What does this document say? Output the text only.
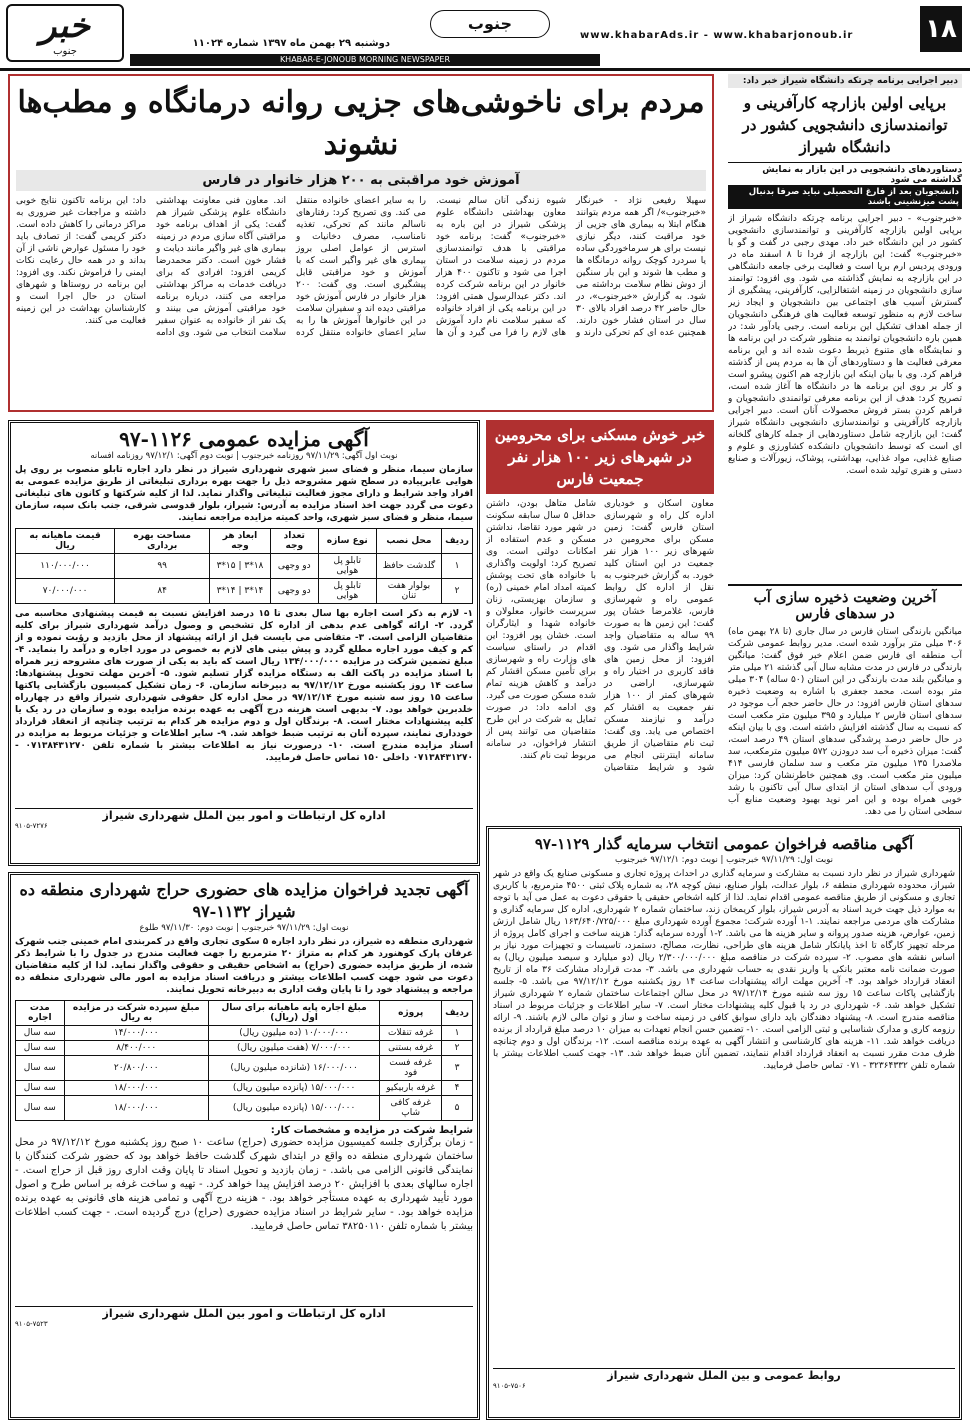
۱۸
جنوب
www.khabarAds.ir - www.khabarjonoub.ir
دوشنبه ۲۹ بهمن ماه ۱۳۹۷ شماره ۱۱۰۲۴
KHABAR-E-JONOUB MORNING NEWSPAPER
خبر
جنوب
دبیر اجرایی برنامه چرتکه دانشگاه شیراز خبر داد:
برپایی اولین بازارچه کارآفرینی و توانمندسازی دانشجویی کشور در دانشگاه شیراز
دستاوردهای دانشجویی در این بازار به نمایش گذاشته می شود
دانشجویان بعد از فارغ التحصیلی نباید صرفا بدنبال پشت میزنشینی باشند
«خبرجنوب» - دبیر اجرایی برنامه چرتکه دانشگاه شیراز از برپایی اولین بازارچه کارآفرینی و توانمندسازی دانشجویی کشور در این دانشگاه خبر داد. مهدی رجبی در گفت و گو با «خبرجنوب» گفت: این بازارچه از فردا تا ۸ اسفند ماه در ورودی پردیس ارم برپا است و فعالیت برخی جامعه دانشگاهی در این بازارچه به نمایش گذاشته می شود. وی افزود: توانمند سازی دانشجویان در زمینه اشتغالزایی، کارآفرینی، پیشگیری از گسترش آسیب های اجتماعی بین دانشجویان و ایجاد زیر ساخت لازم به منظور توسعه فعالیت های فرهنگی دانشجویان از جمله اهداف تشکیل این برنامه است. رجبی یادآور شد: در همین باره دانشجویان توانمند به منظور شرکت در این برنامه ها و نمایشگاه های متنوع ذیربط دعوت شده اند و این برنامه معرفی فعالیت ها و دستاوردهای آن ها به مردم پس از گذشته فراهم کرد. وی با بیان اینکه این بازارچه هم اکنون پیشرو است و کار بر روی این برنامه ها در دانشگاه ها آغاز شده است، تصریح کرد: هدف از این برنامه معرفی توانمندی دانشجویان و فراهم کردن بستر فروش محصولات آنان است. دبیر اجرایی بازارچه کارآفرینی و توانمندسازی دانشجویی دانشگاه شیراز گفت: این بازارچه شامل دستاوردهایی از جمله کارهای گلخانه ای است که توسط دانشجویان دانشکده کشاورزی و علوم و صنایع غذایی، مواد غذایی، بهداشتی، پوشاک، زیورآلات و صنایع دستی و هنری تولید شده است.
آخرین وضعیت ذخیره سازی آب
در سدهای فارس
میانگین بارندگی استان فارس در سال جاری (تا ۲۸ بهمن ماه) ۳۰۶ میلی متر برآورد شده است. مدیر روابط عمومی شرکت آب منطقه ای فارس ضمن اعلام خبر فوق گفت: میانگین بارندگی در فارس در مدت مشابه سال آبی گذشته ۲۱ میلی متر و میانگین بلند مدت بارندگی در این استان (۵۰ ساله) ۳۰۴ میلی متر بوده است. محمد جعفری با اشاره به وضعیت ذخیره سدهای استان فارس افزود: در حال حاضر حجم آب موجود در سدهای استان فارس ۲ میلیارد و ۳۹۵ میلیون متر مکعب است که نسبت به سال گذشته افزایش داشته است. وی با بیان اینکه در حال حاضر درصد پرشدگی سدهای استان ۴۹ درصد است، گفت: میزان ذخیره آب سد درودزن ۵۷۲ میلیون مترمکعب، سد ملاصدرا ۱۳۵ میلیون متر مکعب و سد سلمان فارسی ۴۱۴ میلیون متر مکعب است. وی همچنین خاطرنشان کرد: میزان ورودی آب سدهای استان از ابتدای سال آبی تاکنون با رشد خوبی همراه بوده و این امر نوید بهبود وضعیت منابع آب سطحی استان را می دهد.
مردم برای ناخوشی‌های جزیی روانه درمانگاه و مطب‌ها نشوند
آموزش خود مراقبتی به ۲۰۰ هزار خانوار در فارس
سهیلا رفیعی نژاد - خبرنگار «خبرجنوب»/ اگر همه مردم بتوانند هنگام ابتلا به بیماری های جزیی از خود مراقبت کنند، دیگر نیازی نیست برای هر سرماخوردگی ساده یا سردرد کوچک روانه درمانگاه ها و مطب ها شوند و این بار سنگین از دوش نظام سلامت برداشته می شود. به گزارش «خبرجنوب»، در حال حاضر ۴۲ درصد افراد بالای ۳۰ سال در استان فشار خون دارند. همچنین عده ای کم تحرکی دارند و شیوه زندگی آنان سالم نیست. معاون بهداشتی دانشگاه علوم پزشکی شیراز در این باره به «خبرجنوب» گفت: برنامه خود مراقبتی با هدف توانمندسازی مردم در زمینه سلامت در استان اجرا می شود و تاکنون ۴۰۰ هزار خانوار در این برنامه شرکت کرده اند. دکتر عبدالرسول همتی افزود: در این برنامه یکی از افراد خانواده که سفیر سلامت نام دارد آموزش های لازم را فرا می گیرد و آن ها را به سایر اعضای خانواده منتقل می کند. وی تصریح کرد: رفتارهای ناسالم مانند کم تحرکی، تغذیه نامناسب، مصرف دخانیات و استرس از عوامل اصلی بروز بیماری های غیر واگیر است که با آموزش و خود مراقبتی قابل پیشگیری است. وی گفت: ۲۰۰ هزار خانوار در فارس آموزش خود مراقبتی دیده اند و سفیران سلامت در این خانوارها آموزش ها را به سایر اعضای خانواده منتقل کرده اند. معاون فنی معاونت بهداشتی دانشگاه علوم پزشکی شیراز هم گفت: یکی از اهداف برنامه خود مراقبتی آگاه سازی مردم در زمینه بیماری های غیر واگیر مانند دیابت و فشار خون است. دکتر محمدرضا کریمی افزود: افرادی که برای دریافت خدمات به مراکز بهداشتی مراجعه می کنند، درباره برنامه خود مراقبتی آموزش می بینند و یک نفر از خانواده به عنوان سفیر سلامت انتخاب می شود. وی ادامه داد: این برنامه تاکنون نتایج خوبی داشته و مراجعات غیر ضروری به مراکز درمانی را کاهش داده است. دکتر کریمی گفت: از تصادف باید خود را مسئول عوارض ناشی از آن بداند و در همه حال رعایت نکات ایمنی را فراموش نکند. وی افزود: این برنامه در روستاها و شهرهای استان در حال اجرا است و کارشناسان بهداشت در این زمینه فعالیت می کنند.
آگهی مزایده عمومی ۱۱۲۶-۹۷
نوبت اول آگهی: ۹۷/۱۱/۲۹ روزنامه خبرجنوب | نوبت دوم آگهی: ۹۷/۱۲/۱ روزنامه افسانه
سازمان سیما، منظر و فضای سبز شهری شهرداری شیراز در نظر دارد اجاره تابلو منصوب بر روی پل هوایی عابرپیاده در سطح شهر مشروحه ذیل را جهت بهره برداری تبلیغاتی از طریق مزایده عمومی به افراد واجد شرایط و دارای مجوز فعالیت تبلیغاتی واگذار نماید. لذا از کلیه شرکتها و کانون های تبلیغاتی دعوت می گردد جهت اخذ اسناد مزایده به آدرس: شیراز، بلوار قدوسی شرقی، جنب بانک سپه، سازمان سیما، منظر و فضای سبز شهری، واحد کمیته مزایده مراجعه نمایند.
ردیف	محل نصب	نوع سازه	تعداد وجه	ابعاد هر وجه	مساحت بهره برداری	قیمت ماهیانه به ریال
۱	گلدشت حافظ	تابلو پل هوایی	دو وجهی	۱۸*۳ | ۱۵*۳	۹۹	۱۱۰/۰۰۰/۰۰۰
۲	بولوار هفت تنان	تابلو پل هوایی	دو وجهی	۱۴*۳ | ۱۴*۳	۸۴	۷۰/۰۰۰/۰۰۰
۱- لازم به ذکر است اجاره بها سال بعدی تا ۱۵ درصد افزایش نسبت به قیمت پیشنهادی محاسبه می گردد. ۲- ارائه گواهی عدم بدهی از اداره کل تشخیص و وصول درآمد شهرداری شیراز برای کلیه متقاضیان الزامی است. ۳- متقاضی می بایست قبل از ارائه پیشنهاد از محل بازدید و رؤیت نموده و از کم و کیف مورد اجاره مطلع گردد و پیش بینی های لازم به خصوص در مورد اجاره و درآمد را بنماید. ۴- مبلغ تضمین شرکت در مزایده ۱۳۴/۰۰۰/۰۰۰ ریال است که باید به یکی از صورت های مشروحه زیر همراه با اسناد مزایده در پاکت الف به دستگاه مزایده گزار تسلیم شود. ۵- آخرین مهلت تحویل پیشنهادها: ساعت ۱۴ روز یکشنبه مورخ ۹۷/۱۲/۱۲ به دبیرخانه سازمان. ۶- زمان تشکیل کمیسیون بازگشایی پاکتها ساعت ۱۵ روز سه شنبه مورخ ۹۷/۱۲/۱۴ در محل اداره کل حقوقی شهرداری شیراز واقع در چهارراه خلدبرین خواهد بود. ۷- بدیهی است هزینه درج آگهی به عهده برنده مزایده بوده و سازمان در رد یک یا کلیه پیشنهادات مختار است. ۸- برندگان اول و دوم مزایده هر کدام به ترتیب چنانچه از انعقاد قرارداد خودداری نمایند، سپرده آنان به ترتیب ضبط خواهد شد. ۹- سایر اطلاعات و جزئیات مربوط به مزایده در اسناد مزایده مندرج است. ۱۰- درصورت نیاز به اطلاعات بیشتر با شماره تلفن ۰۷۱۳۸۴۳۱۲۷۰ - ۰۷۱۳۸۴۳۱۲۷۰ داخلی ۱۵۰ تماس حاصل فرمایید.
اداره کل ارتباطات و امور بین الملل شهرداری شیراز
۹۱۰۵-۷۲۷۶
خبر خوش مسکنی برای محرومین در شهرهای زیر ۱۰۰ هزار نفر جمعیت فارس
معاون اسکان و خودیاری اداره کل راه و شهرسازی استان فارس گفت: زمین مسکن برای محرومین در شهرهای زیر ۱۰۰ هزار نفر جمعیت در این استان کلید خورد. به گزارش خبرجنوب به نقل از اداره کل روابط عمومی راه و شهرسازی فارس، غلامرضا خشان پور گفت: این زمین ها به صورت ۹۹ ساله به متقاضیان واجد شرایط واگذار می شود. وی افزود: از محل زمین های فاقد کاربری در اختیار راه و شهرسازی، اراضی در شهرهای کمتر از ۱۰۰ هزار نفر جمعیت به اقشار کم درآمد و نیازمند مسکن اختصاص می یابد. وی گفت: ثبت نام متقاضیان از طریق سامانه اینترنتی انجام می شود و شرایط متقاضیان شامل متاهل بودن، داشتن حداقل ۵ سال سابقه سکونت در شهر مورد تقاضا، نداشتن مسکن و عدم استفاده از امکانات دولتی است. وی تصریح کرد: اولویت واگذاری با خانواده های تحت پوشش کمیته امداد امام خمینی (ره) و سازمان بهزیستی، زنان سرپرست خانوار، معلولان و خانواده شهدا و ایثارگران است. خشان پور افزود: این اقدام در راستای سیاست های وزارت راه و شهرسازی برای تأمین مسکن اقشار کم درآمد و کاهش هزینه تمام شده مسکن صورت می گیرد. وی ادامه داد: در صورت تمایل به شرکت در این طرح متقاضیان می توانند پس از انتشار فراخوان، در سامانه مربوط ثبت نام کنند.
آگهی تجدید فراخوان مزایده های حضوری حراج شهرداری منطقه ده شیراز ۱۱۳۲-۹۷
نوبت اول: ۹۷/۱۱/۲۹ خبرجنوب | نوبت دوم: ۹۷/۱۱/۳۰ طلوع
شهرداری منطقه ده شیراز، در نظر دارد اجاره ۵ سکوی تجاری واقع در کمربندی امام خمینی جنب شهرک عرفان پارک کوهنورد هر کدام به متراژ ۲۰ مترمربع را جهت فعالیت مندرج در جدول را با شرایط ذکر شده، از طریق مزایده حضوری (حراج) به اشخاص حقیقی و حقوقی واگذار نماید. لذا از کلیه متقاضیان دعوت می شود جهت کسب اطلاعات بیشتر و دریافت اسناد مزایده به امور مالی شهرداری منطقه ده مراجعه و پیشنهاد خود را تا پایان وقت اداری به دبیرخانه تحویل نمایند.
ردیف	پروژه	مبلغ اجاره پایه ماهیانه برای سال اول (ریال)	مبلغ سپرده شرکت در مزایده به ریال	مدت اجاره
۱	غرفه تنقلات	۱۰/۰۰۰/۰۰۰ (ده میلیون ریال)	۱۴/۰۰۰/۰۰۰	سه سال
۲	غرفه بستنی	۷/۰۰۰/۰۰۰ (هفت میلیون ریال)	۸/۴۰۰/۰۰۰	سه سال
۳	غرفه فست فود	۱۶/۰۰۰/۰۰۰ (شانزده میلیون ریال)	۲۰/۸۰۰/۰۰۰	سه سال
۴	غرفه باربیکیو	۱۵/۰۰۰/۰۰۰ (پانزده میلیون ریال)	۱۸/۰۰۰/۰۰۰	سه سال
۵	غرفه کافی شاپ	۱۵/۰۰۰/۰۰۰ (پانزده میلیون ریال)	۱۸/۰۰۰/۰۰۰	سه سال
شرایط شرکت در مزایده و مشخصات کار:
- زمان برگزاری جلسه کمیسیون مزایده حضوری (حراج) ساعت ۱۰ صبح روز یکشنبه مورخ ۹۷/۱۲/۱۲ در محل ساختمان شهرداری منطقه ده واقع در ابتدای شهرک گلدشت حافظ خواهد بود که حضور شرکت کنندگان با نمایندگی قانونی الزامی می باشد. - زمان بازدید و تحویل اسناد تا پایان وقت اداری روز قبل از حراج است. - اجاره سالهای بعدی با افزایش ۲۰ درصد افزایش پیدا خواهد کرد. - تهیه و ساخت غرفه بر اساس طرح و اصول مورد تأیید شهرداری به عهده مستأجر خواهد بود. - هزینه درج آگهی و تمامی هزینه های قانونی به عهده برنده مزایده خواهد بود. - سایر شرایط در اسناد مزایده حضوری (حراج) درج گردیده است. - جهت کسب اطلاعات بیشتر با شماره تلفن ۳۸۲۵۰۱۱۰ تماس حاصل فرمایید.
اداره کل ارتباطات و امور بین الملل شهرداری شیراز
۹۱۰۵-۷۵۲۳
آگهی مناقصه فراخوان عمومی انتخاب سرمایه گذار ۱۱۲۹-۹۷
نوبت اول: ۹۷/۱۱/۲۹ خبرجنوب | نوبت دوم: ۹۷/۱۲/۱ خبرجنوب
شهرداری شیراز در نظر دارد نسبت به مشارکت و سرمایه گذاری در احداث پروژه تجاری و مسکونی صنایع یک واقع در شهر شیراز، محدوده شهرداری منطقه ۶، بلوار عدالت، بلوار صنایع، نبش کوچه ۲۸، به شماره پلاک ثبتی ۴۵۰۰ مترمربع، با کاربری تجاری و مسکونی از طریق مناقصه عمومی اقدام نماید. لذا از کلیه اشخاص حقیقی یا حقوقی دعوت به عمل می آید با توجه به موارد ذیل جهت خرید اسناد به آدرس شیراز، بلوار کریمخان زند، ساختمان شماره ۲ شهرداری، اداره کل سرمایه گذاری و مشارکت های مردمی مراجعه نمایند. ۱-۱ آورده شرکت: مجموع آورده شهرداری مبلغ ۱۶۳/۶۴۰/۷۲۵/۰۰۰ ریال شامل ارزش زمین، عوارض، هزینه صدور پروانه و سایر هزینه ها می باشد. ۲-۱ آورده سرمایه گذار: هزینه ساخت و اجرای کامل پروژه از مرحله تجهیز کارگاه تا اخذ پایانکار شامل هزینه های طراحی، نظارت، مصالح، دستمزد، تاسیسات و تجهیزات مورد نیاز بر اساس نقشه های مصوب. ۲- سپرده شرکت در مناقصه مبلغ ۲/۳۰۰/۰۰۰/۰۰۰ ریال (دو میلیارد و سیصد میلیون ریال) به صورت ضمانت نامه معتبر بانکی یا واریز نقدی به حساب شهرداری می باشد. ۳- مدت قرارداد مشارکت ۳۶ ماه از تاریخ انعقاد قرارداد خواهد بود. ۴- آخرین مهلت ارائه پیشنهادات ساعت ۱۴ روز یکشنبه مورخ ۹۷/۱۲/۱۲ می باشد. ۵- جلسه بازگشایی پاکات ساعت ۱۵ روز سه شنبه مورخ ۹۷/۱۲/۱۴ در محل سالن اجتماعات ساختمان شماره ۲ شهرداری شیراز تشکیل خواهد شد. ۶- شهرداری در رد یا قبول کلیه پیشنهادات مختار است. ۷- سایر اطلاعات و جزئیات مربوط در اسناد مناقصه مندرج است. ۸- پیشنهاد دهندگان باید دارای سوابق کافی در زمینه ساخت و ساز و توان مالی لازم باشند. ۹- ارائه رزومه کاری و مدارک شناسایی و ثبتی الزامی است. ۱۰- تضمین حسن انجام تعهدات به میزان ۱۰ درصد مبلغ قرارداد از برنده دریافت خواهد شد. ۱۱- هزینه های کارشناسی و انتشار آگهی به عهده برنده مناقصه است. ۱۲- برندگان اول و دوم چنانچه ظرف مدت مقرر نسبت به انعقاد قرارداد اقدام ننمایند، تضمین آنان ضبط خواهد شد. ۱۳- جهت کسب اطلاعات بیشتر با شماره تلفن ۳۲۳۶۴۳۳۲ - ۰۷۱ تماس حاصل فرمایید.
روابط عمومی و بین الملل شهرداری شیراز
۹۱۰۵-۷۵۰۶
